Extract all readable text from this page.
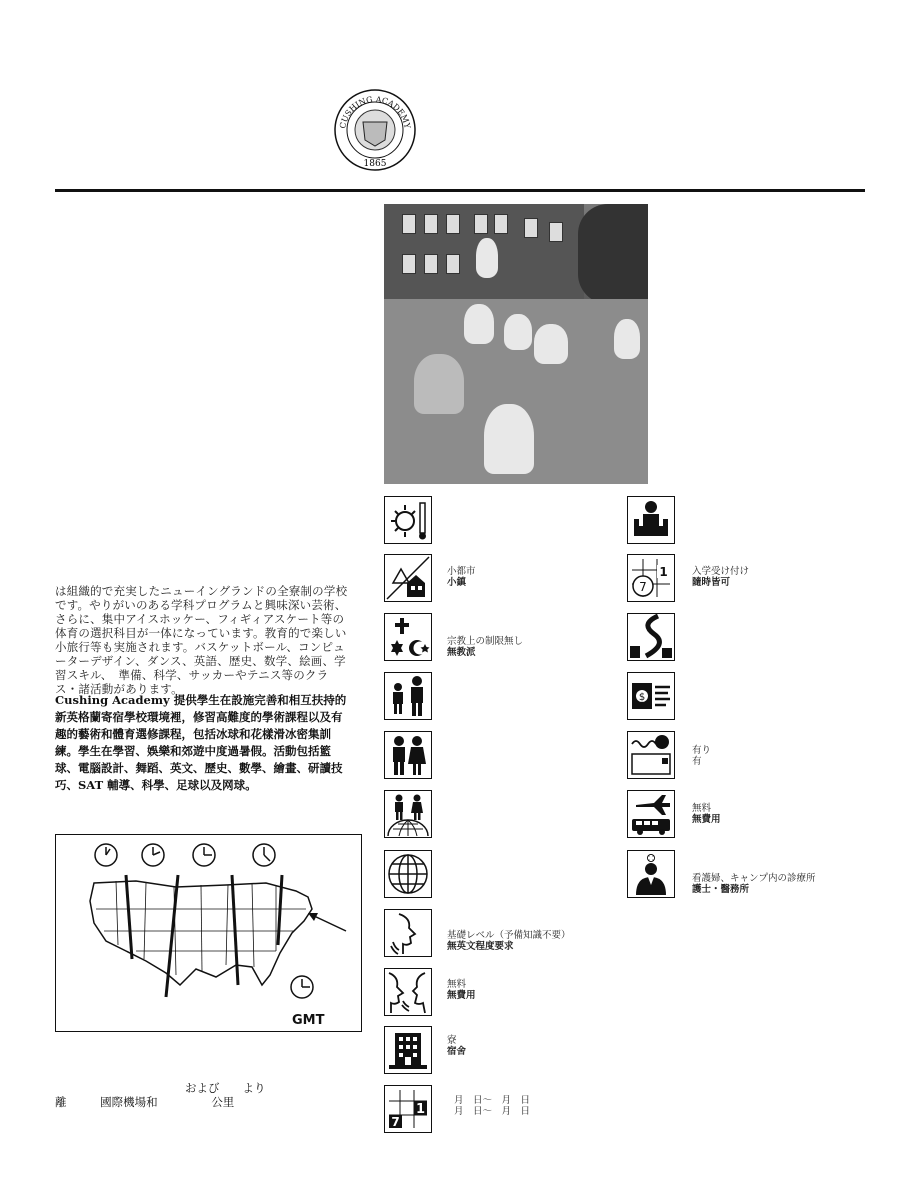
CUSHING ACADEMY
1865
は組織的で充実したニューイングランドの全寮制の学校です。やりがいのある学科プログラムと興味深い芸術、さらに、集中アイスホッケー、フィギィアスケート等の体育の選択科目が一体になっています。教育的で楽しい小旅行等も実施されます。バスケットボール、コンピューターデザイン、ダンス、英語、歴史、数学、絵画、学習スキル、　準備、科学、サッカーやテニス等のクラス・諸活動があります。
Cushing Academy 提供學生在設施完善和相互扶持的新英格蘭寄宿學校環境裡，修習高難度的學術課程以及有趣的藝術和體育選修課程，包括冰球和花樣滑冰密集訓練。學生在學習、娛樂和郊遊中度過暑假。活動包括籃球、電腦設計、舞蹈、英文、歷史、數學、繪畫、研讀技巧、SAT 輔導、科學、足球以及网球。
GMT
および　　より
離	國際機場和	公里
小都市
小鎮
宗教上の制限無し
無教派
基礎レベル（予備知識不要）
無英文程度要求
無料
無費用
寮
宿舍
1
7
月　日～　月　日
月　日～　月　日
1
7
入学受け付け
隨時皆可
$
有り
有
無料
無費用
看護婦、キャンプ内の診療所
護士・醫務所
